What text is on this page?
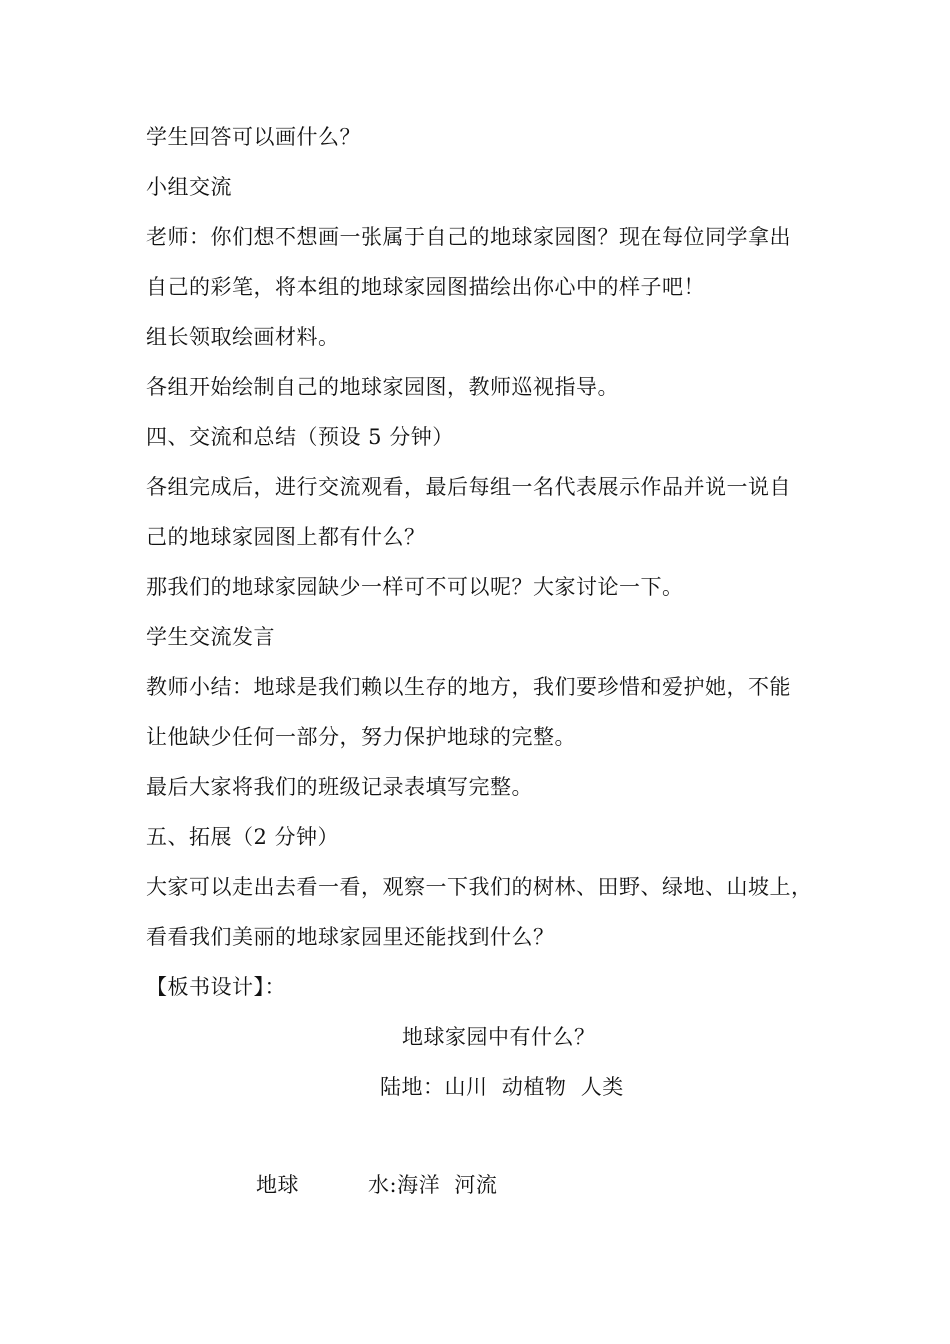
学生回答可以画什么？
小组交流
老师：你们想不想画一张属于自己的地球家园图？现在每位同学拿出
自己的彩笔，将本组的地球家园图描绘出你心中的样子吧！
组长领取绘画材料。
各组开始绘制自己的地球家园图，教师巡视指导。
四、交流和总结（预设 5 分钟）
各组完成后，进行交流观看，最后每组一名代表展示作品并说一说自
己的地球家园图上都有什么？
那我们的地球家园缺少一样可不可以呢？大家讨论一下。
学生交流发言
教师小结：地球是我们赖以生存的地方，我们要珍惜和爱护她，不能
让他缺少任何一部分，努力保护地球的完整。
最后大家将我们的班级记录表填写完整。
五、拓展（2 分钟）
大家可以走出去看一看，观察一下我们的树林、田野、绿地、山坡上，
看看我们美丽的地球家园里还能找到什么？
【板书设计】：
地球家园中有什么？
陆地：山川  动植物  人类
地球	水:海洋  河流
